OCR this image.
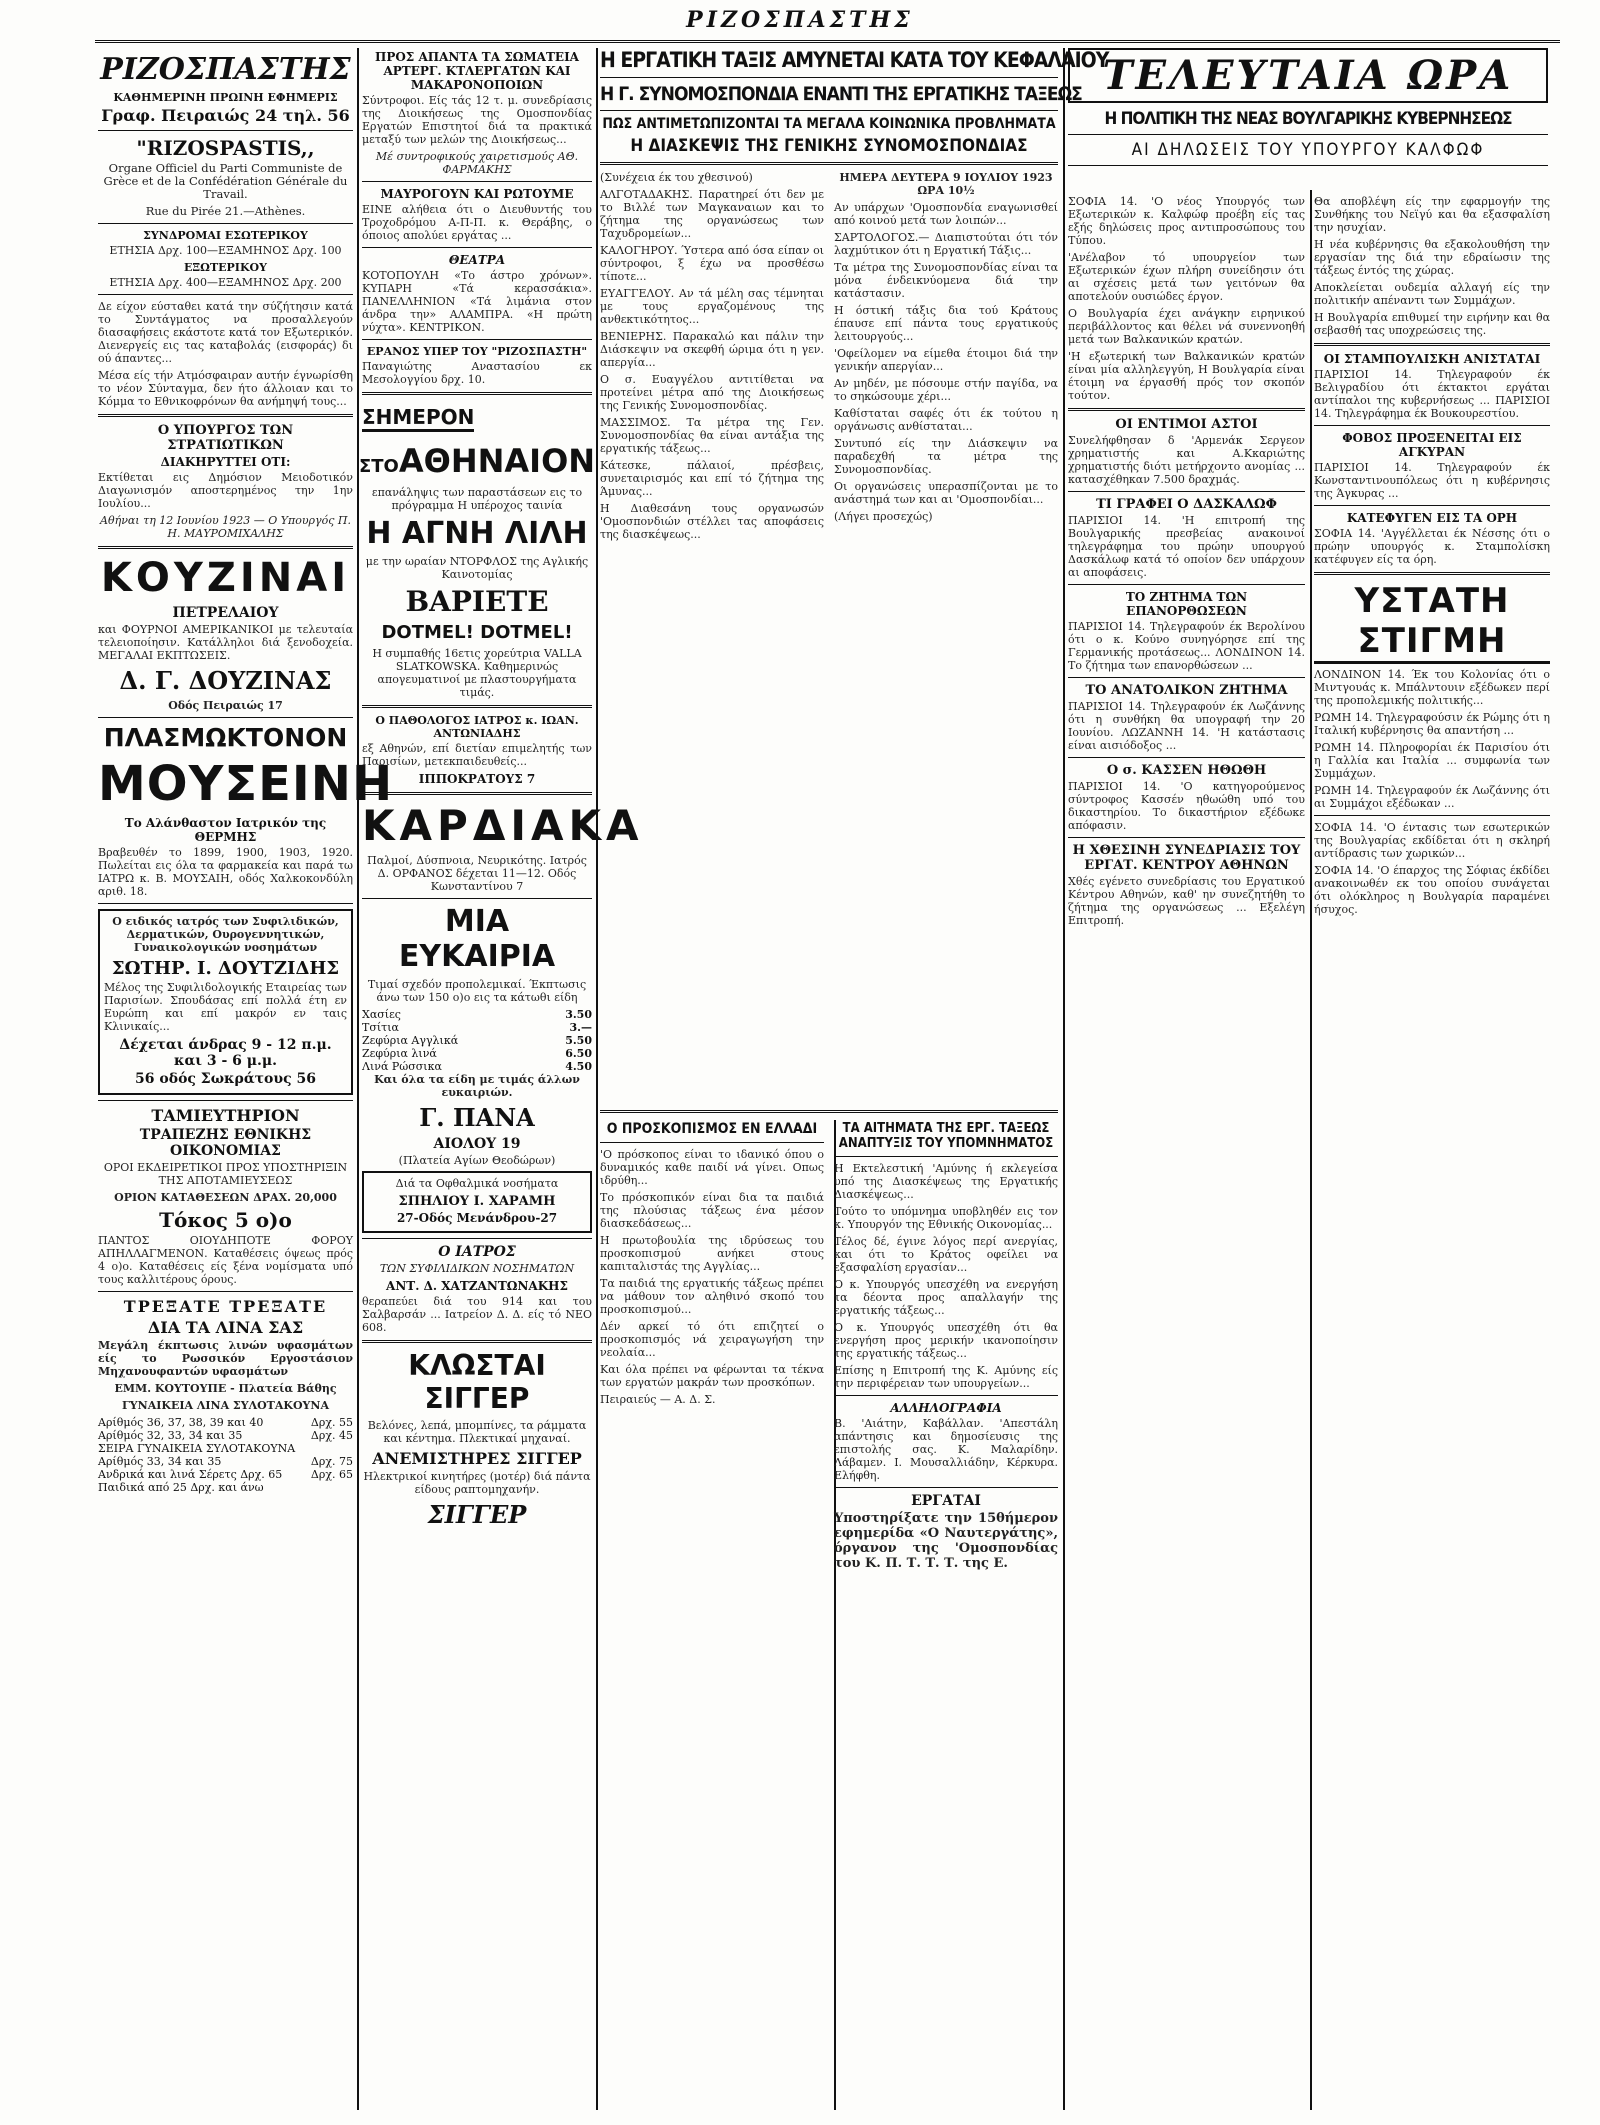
ΡΙΖΟΣΠΑΣΤΗΣ
ΡΙΖΟΣΠΑΣΤΗΣ
ΚΑΘΗΜΕΡΙΝΗ ΠΡΩΙΝΗ ΕΦΗΜΕΡΙΣ
Γραφ. Πειραιώς 24 τηλ. 56
"RIZOSPASTIS,,
Organe Officiel du Parti Communiste de Grèce et de la Confédération Générale du Travail.
Rue du Pirée 21.—Athènes.
ΣΥΝΔΡΟΜΑΙ ΕΣΩΤΕΡΙΚΟΥ
ΕΤΗΣΙΑ Δρχ. 100—ΕΞΑΜΗΝΟΣ Δρχ. 100
ΕΞΩΤΕΡΙΚΟΥ
ΕΤΗΣΙΑ Δρχ. 400—ΕΞΑΜΗΝΟΣ Δρχ. 200
Δε είχον εύσταθει κατά την σύζήτησιν κατά το Συντάγματος να προσαλλεγούν διασαφήσεις εκάστοτε κατά τον Εξωτερικόν. Διενεργείς εις τας καταβολάς (εισφοράς) δι ού άπαντες...
Μέσα είς τήν Ατμόσφαιραν αυτήν έγνωρίσθη το νέον Σύνταγμα, δεν ήτο άλλοιαν και το Κόμμα το Εθνικοφρόνων θα ανήμηψή τους...
Ο ΥΠΟΥΡΓΟΣ ΤΩΝ ΣΤΡΑΤΙΩΤΙΚΩΝ
ΔΙΑΚΗΡΥΤΤΕΙ ΟΤΙ:
Εκτίθεται εις Δημόσιον Μειοδοτικόν Διαγωνισμόν αποστερημένος την 1ην Ιουλίου...
Αθήναι τη 12 Ιουνίου 1923 — Ο Υπουργός Π. Η. ΜΑΥΡΟΜΙΧΑΛΗΣ
ΚΟΥΖΙΝΑΙ
ΠΕΤΡΕΛΑΙΟΥ
και ΦΟΥΡΝΟΙ ΑΜΕΡΙΚΑΝΙΚΟΙ με τελευταία τελειοποίησιν. Κατάλληλοι διά ξενοδοχεία. ΜΕΓΑΛΑΙ ΕΚΠΤΩΣΕΙΣ.
Δ. Γ. ΔΟΥΖΙΝΑΣ
Οδός Πειραιώς 17
ΠΛΑΣΜΩΚΤΟΝΟΝ
ΜΟΥΣΕΙΝΗ
Το Αλάνθαστον Ιατρικόν της ΘΕΡΜΗΣ
Βραβευθέν το 1899, 1900, 1903, 1920. Πωλείται εις όλα τα φαρμακεία και παρά τω ΙΑΤΡΩ κ. Β. ΜΟΥΣΑΙΗ, οδός Χαλκοκονδύλη αριθ. 18.
Ο ειδικός ιατρός των Συφιλιδικών, Δερματικών, Ουρογεννητικών, Γυναικολογικών νοσημάτων
ΣΩΤΗΡ. Ι. ΔΟΥΤΖΙΔΗΣ
Μέλος της Συφιλιδολογικής Εταιρείας των Παρισίων. Σπουδάσας επί πολλά έτη εν Ευρώπη και επί μακρόν εν ταις Κλινικαίς...
Δέχεται άνδρας 9 - 12 π.μ. και 3 - 6 μ.μ.
56 οδός Σωκράτους 56
ΤΑΜΙΕΥΤΗΡΙΟΝ
ΤΡΑΠΕΖΗΣ ΕΘΝΙΚΗΣ ΟΙΚΟΝΟΜΙΑΣ
ΟΡΟΙ ΕΚΔΕΙΡΕΤΙΚΟΙ ΠΡΟΣ ΥΠΟΣΤΗΡΙΞΙΝ ΤΗΣ ΑΠΟΤΑΜΙΕΥΣΕΩΣ
ΟΡΙΟΝ ΚΑΤΑΘΕΣΕΩΝ ΔΡΑΧ. 20,000
Τόκος 5 ο)ο
ΠΑΝΤΟΣ ΟΙΟΥΔΗΠΟΤΕ ΦΟΡΟΥ ΑΠΗΛΛΑΓΜΕΝΟΝ. Καταθέσεις όψεως πρός 4 ο)ο. Καταθέσεις είς ξένα νομίσματα υπό τους καλλιτέρους όρους.
ΤΡΕΞΑΤΕ ΤΡΕΞΑΤΕ
ΔΙΑ ΤΑ ΛΙΝΑ ΣΑΣ
Μεγάλη έκπτωσις λινών υφασμάτων είς το Ρωσσικόν Εργοστάσιον Μηχανουφαντών υφασμάτων
ΕΜΜ. ΚΟΥΤΟΥΠΕ - Πλατεία Βάθης
ΓΥΝΑΙΚΕΙΑ ΛΙΝΑ ΣΥΛΟΤΑΚΟΥΝΑ
Αρίθμός 36, 37, 38, 39 και 40	Δρχ. 55
Αρίθμός 32, 33, 34 και 35	Δρχ. 45
ΣΕΙΡΑ ΓΥΝΑΙΚΕΙΑ ΣΥΛΟΤΑΚΟΥΝΑ
Αρίθμός 33, 34 και 35	Δρχ. 75
Ανδρικά και λινά Σέρετς Δρχ. 65	Δρχ. 65
Παιδικά από 25 Δρχ. και άνω
ΠΡΟΣ ΑΠΑΝΤΑ ΤΑ ΣΩΜΑΤΕΙΑ ΑΡΤΕΡΓ. ΚΤΛΕΡΓΑΤΩΝ ΚΑΙ ΜΑΚΑΡΟΝΟΠΟΙΩΝ
Σύντροφοι. Είς τάς 12 τ. μ. συνεδρίασις της Διοικήσεως της Ομοσπονδίας Εργατών Επιστητοί διά τα πρακτικά μεταξύ των μελών της Διοικήσεως...
Μέ συντροφικούς χαιρετισμούς ΑΘ. ΦΑΡΜΑΚΗΣ
ΜΑΥΡΟΓΟΥΝ ΚΑΙ ΡΩΤΟΥΜΕ
ΕΙΝΕ αλήθεια ότι ο Διευθυντής του Τροχοδρόμου Α-Π-Π. κ. Θεράβης, ο όποιος απολύει εργάτας ...
ΘΕΑΤΡΑ
ΚΟΤΟΠΟΥΛΗ «Το άστρο χρόνων». ΚΥΠΑΡΗ «Τά κερασσάκια». ΠΑΝΕΛΛΗΝΙΟΝ «Τά λιμάνια στον άνδρα την» ΑΛΑΜΠΡΑ. «Η πρώτη νύχτα». ΚΕΝΤΡΙΚΟΝ.
ΕΡΑΝΟΣ ΥΠΕΡ ΤΟΥ "ΡΙΖΟΣΠΑΣΤΗ"
Παναγιώτης Αναστασίου εκ Μεσολογγίου δρχ. 10.
ΣΗΜΕΡΟΝ
ΣΤΟ ΑΘΗΝΑΙΟΝ
επανάληψις των παραστάσεων εις το πρόγραμμα Η υπέροχος ταινία
Η ΑΓΝΗ ΛΙΛΗ
με την ωραίαν ΝΤΟΡΦΛΟΣ της Αγλικής Καινοτομίας
ΒΑΡΙΕΤΕ
DOTMEL! DOTMEL!
Η συμπαθής 16ετις χορεύτρια VALLA SLATKOWSKA. Καθημερινώς απογευματινοί με πλαστουργήματα τιμάς.
Ο ΠΑΘΟΛΟΓΟΣ ΙΑΤΡΟΣ κ. ΙΩΑΝ. ΑΝΤΩΝΙΑΔΗΣ
εξ Αθηνών, επί διετίαν επιμελητής των Παρισίων, μετεκπαιδευθείς...
ΙΠΠΟΚΡΑΤΟΥΣ 7
ΚΑΡΔΙΑΚΑ
Παλμοί, Δύσπνοια, Νευρικότης. Ιατρός Δ. ΟΡΦΑΝΟΣ δέχεται 11—12. Οδός Κωνσταντίνου 7
ΜΙΑ ΕΥΚΑΙΡΙΑ
Τιμαί σχεδόν προπολεμικαί. Έκπτωσις άνω των 150 ο)ο εις τα κάτωθι είδη
Χασίες	3.50
Τσίτια	3.—
Ζεφύρια Αγγλικά	5.50
Ζεφύρια λινά	6.50
Λινά Ρώσσικα	4.50
Και όλα τα είδη με τιμάς άλλων ευκαιριών.
Γ. ΠΑΝΑ
ΑΙΟΛΟΥ 19
(Πλατεία Αγίων Θεοδώρων)
Διά τα Οφθαλμικά νοσήματα
ΣΠΗΛΙΟΥ Ι. ΧΑΡΑΜΗ
27-Οδός Μενάνδρου-27
Ο ΙΑΤΡΟΣ
ΤΩΝ ΣΥΦΙΛΙΔΙΚΩΝ ΝΟΣΗΜΑΤΩΝ
ΑΝΤ. Δ. ΧΑΤΖΑΝΤΩΝΑΚΗΣ
θεραπεύει διά του 914 και του Σαλβαρσάν ... Ιατρείον Δ. Δ. είς τό ΝΕΟ 608.
ΚΛΩΣΤΑΙ ΣΙΓΓΕΡ
Βελόνες, λεπά, μπομπίνες, τα ράμματα και κέντημα. Πλεκτικαί μηχαναί.
ΑΝΕΜΙΣΤΗΡΕΣ ΣΙΓΓΕΡ
Ηλεκτρικοί κινητήρες (μοτέρ) διά πάντα είδους ραπτομηχανήν.
ΣΙΓΓΕΡ
Η ΕΡΓΑΤΙΚΗ ΤΑΞΙΣ ΑΜΥΝΕΤΑΙ ΚΑΤΑ ΤΟΥ ΚΕΦΑΛΑΙΟΥ
Η Γ. ΣΥΝΟΜΟΣΠΟΝΔΙΑ ΕΝΑΝΤΙ ΤΗΣ ΕΡΓΑΤΙΚΗΣ ΤΑΞΕΩΣ
ΠΩΣ ΑΝΤΙΜΕΤΩΠΙΖΟΝΤΑΙ ΤΑ ΜΕΓΑΛΑ ΚΟΙΝΩΝΙΚΑ ΠΡΟΒΛΗΜΑΤΑ
Η ΔΙΑΣΚΕΨΙΣ ΤΗΣ ΓΕΝΙΚΗΣ ΣΥΝΟΜΟΣΠΟΝΔΙΑΣ
(Συνέχεια έκ του χθεσινού)
ΑΛΓΟΤΑΔΑΚΗΣ. Παρατηρεί ότι δεν με το Βιλλέ των Μαγκαναιων και το ζήτημα της οργανώσεως των Ταχυδρομείων...
ΚΑΛΟΓΗΡΟΥ. Ύστερα από όσα είπαν οι σύντροφοι, ξ έχω να προσθέσω τίποτε...
ΕΥΑΓΓΕΛΟΥ. Αν τά μέλη σας τέμνηται με τους εργαζομένους της ανθεκτικότητος...
ΒΕΝΙΕΡΗΣ. Παρακαλώ και πάλιν την Διάσκεψιν να σκεφθή ώριμα ότι η γεν. απεργία...
Ο σ. Ευαγγέλου αντιτίθεται να προτείνει μέτρα από της Διοικήσεως της Γενικής Συνομοσπονδίας.
ΜΑΣΣΙΜΟΣ. Τα μέτρα της Γεν. Συνομοσπονδίας θα είναι αντάξια της εργατικής τάξεως...
Κάτεσκε, πάλαιοί, πρέσβεις, συνεταιρισμός και επί τό ζήτημα της Άμυνας...
Η Διαθεσάνη τους οργανωσών 'Ομοσπονδιών στέλλει τας αποφάσεις της διασκέψεως...
ΗΜΕΡΑ ΔΕΥΤΕΡΑ 9 ΙΟΥΛΙΟΥ 1923 ΩΡΑ 10½
Αν υπάρχων 'Ομοσπονδία εναγωνισθεί από κοινού μετά των λοιπών...
ΣΑΡΤΟΛΟΓΟΣ.— Διαπιστούται ότι τόν λαχμύτικον ότι η Εργατική Τάξις...
Τα μέτρα της Συνομοσπονδίας είναι τα μόνα ένδεικνύομενα διά την κατάστασιν.
Η όστική τάξις δια τού Κράτους έπαυσε επί πάντα τους εργατικούς λειτουργούς...
'Οφείλομεν να είμεθα έτοιμοι διά την γενικήν απεργίαν...
Αν μηδέν, με πόσουμε στήν παγίδα, να το σηκώσουμε χέρι...
Καθίσταται σαφές ότι έκ τούτου η οργάνωσις ανθίσταται...
Συντυπό είς την Διάσκεψιν να παραδεχθή τα μέτρα της Συνομοσπονδίας.
Οι οργανώσεις υπερασπίζονται με το ανάστημά των και αι 'Ομοσπονδίαι...
(Λήγει προσεχώς)
Ο ΠΡΟΣΚΟΠΙΣΜΟΣ ΕΝ ΕΛΛΑΔΙ
'Ο πρόσκοπος είναι το ιδανικό όπου ο δυναμικός καθε παιδί νά γίνει. Οπως ιδρύθη...
Το πρόσκοπικόν είναι δια τα παιδιά της πλούσιας τάξεως ένα μέσον διασκεδάσεως...
Η πρωτοβουλία της ιδρύσεως του προσκοπισμού ανήκει στους καπιταλιστάς της Αγγλίας...
Τα παιδιά της εργατικής τάξεως πρέπει να μάθουν τον αληθινό σκοπό του προσκοπισμού...
Δέν αρκεί τό ότι επιζητεί ο προσκοπισμός νά χειραγωγήση την νεολαία...
Και όλα πρέπει να φέρωνται τα τέκνα των εργατών μακράν των προσκόπων.
Πειραιεύς — Α. Δ. Σ.
ΤΑ ΑΙΤΗΜΑΤΑ ΤΗΣ ΕΡΓ. ΤΑΞΕΩΣ
ΑΝΑΠΤΥΞΙΣ ΤΟΥ ΥΠΟΜΝΗΜΑΤΟΣ
Η Εκτελεστική 'Αμύνης ή εκλεγείσα υπό της Διασκέψεως της Εργατικής Διασκέψεως...
Τούτο το υπόμνημα υποβληθέν εις τον κ. Υπουργόν της Εθνικής Οικονομίας...
Τέλος δέ, έγινε λόγος περί ανεργίας, και ότι το Κράτος οφείλει να εξασφαλίση εργασίαν...
Ο κ. Υπουργός υπεσχέθη να ενεργήση τα δέοντα προς απαλλαγήν της εργατικής τάξεως...
Ο κ. Υπουργός υπεσχέθη ότι θα ενεργήση προς μερικήν ικανοποίησιν της εργατικής τάξεως...
Επίσης η Επιτροπή της Κ. Αμύνης είς την περιφέρειαν των υπουργείων...
ΑΛΛΗΛΟΓΡΑΦΙΑ
Β. 'Αιάτην, Καβάλλαν. 'Απεστάλη απάντησις και δημοσίευσις της επιστολής σας. Κ. Μαλαρίδην. Λάβαμεν. Ι. Μουσαλλιάδην, Κέρκυρα. Ελήφθη.
ΕΡΓΑΤΑΙ
Υποστηρίξατε την 15θήμερον εφημερίδα «Ο Ναυτεργάτης», όργανον της 'Ομοσπονδίας του Κ. Π. Τ. Τ. Τ. της Ε.
ΤΕΛΕΥΤΑΙΑ ΩΡΑ
Η ΠΟΛΙΤΙΚΗ ΤΗΣ ΝΕΑΣ ΒΟΥΛΓΑΡΙΚΗΣ ΚΥΒΕΡΝΗΣΕΩΣ
ΑΙ ΔΗΛΩΣΕΙΣ ΤΟΥ ΥΠΟΥΡΓΟΥ ΚΑΛΦΩΦ
ΣΟΦΙΑ 14. 'Ο νέος Υπουργός των Εξωτερικών κ. Καλφώφ προέβη είς τας εξής δηλώσεις προς αντιπροσώπους του Τύπου.
'Ανέλαβον τό υπουργείον των Εξωτερικών έχων πλήρη συνείδησιν ότι αι σχέσεις μετά των γειτόνων θα αποτελούν ουσιώδες έργον.
Ο Βουλγαρία έχει ανάγκην ειρηνικού περιβάλλοντος και θέλει νά συνεννοηθή μετά των Βαλκανικών κρατών.
'Η εξωτερική των Βαλκανικών κρατών είναι μία αλληλεγγύη, Η Βουλγαρία είναι έτοιμη να έργασθή πρός τον σκοπόν τούτον.
ΟΙ ΕΝΤΙΜΟΙ ΑΣΤΟΙ
Συνελήφθησαν δ 'Αρμενάκ Σεργεον χρηματιστής και Α.Κκαριώτης χρηματιστής διότι μετήρχοντο ανομίας ... κατασχέθηκαν 7.500 δραχμάς.
ΤΙ ΓΡΑΦΕΙ Ο ΔΑΣΚΑΛΩΦ
ΠΑΡΙΣΙΟΙ 14. 'Η επιτροπή της Βουλγαρικής πρεσβείας ανακοινοί τηλεγράφημα του πρώην υπουργού Δασκάλωφ κατά τό οποίον δεν υπάρχουν αι αποφάσεις.
ΤΟ ΖΗΤΗΜΑ ΤΩΝ ΕΠΑΝΟΡΘΩΣΕΩΝ
ΠΑΡΙΣΙΟΙ 14. Τηλεγραφούν έκ Βερολίνου ότι ο κ. Κούνο συνηγόρησε επί της Γερμανικής προτάσεως... ΛΟΝΔΙΝΟΝ 14. Το ζήτημα των επανορθώσεων ...
ΤΟ ΑΝΑΤΟΛΙΚΟΝ ΖΗΤΗΜΑ
ΠΑΡΙΣΙΟΙ 14. Τηλεγραφούν έκ Λωζάννης ότι η συνθήκη θα υπογραφή την 20 Ιουνίου. ΛΩΖΑΝΝΗ 14. 'Η κατάστασις είναι αισιόδοξος ...
Ο σ. ΚΑΣΣΕΝ ΗΘΩΘΗ
ΠΑΡΙΣΙΟΙ 14. 'Ο κατηγορούμενος σύντροφος Κασσέν ηθωώθη υπό του δικαστηρίου. Το δικαστήριον εξέδωκε απόφασιν.
Η ΧΘΕΣΙΝΗ ΣΥΝΕΔΡΙΑΣΙΣ ΤΟΥ ΕΡΓΑΤ. ΚΕΝΤΡΟΥ ΑΘΗΝΩΝ
Χθές εγένετο συνεδρίασις του Εργατικού Κέντρου Αθηνών, καθ' ην συνεζητήθη το ζήτημα της οργανώσεως ... Εξελέγη Επιτροπή.
Θα αποβλέψη είς την εφαρμογήν της Συνθήκης του Νεϊγύ και θα εξασφαλίση την ησυχίαν.
Η νέα κυβέρνησις θα εξακολουθήση την εργασίαν της διά την εδραίωσιν της τάξεως έντός της χώρας.
Αποκλείεται ουδεμία αλλαγή είς την πολιτικήν απέναντι των Συμμάχων.
Η Βουλγαρία επιθυμεί την ειρήνην και θα σεβασθή τας υποχρεώσεις της.
ΟΙ ΣΤΑΜΠΟΥΛΙΣΚΗ ΑΝΙΣΤΑΤΑΙ
ΠΑΡΙΣΙΟΙ 14. Τηλεγραφούν έκ Βελιγραδίου ότι έκτακτοι εργάται αντίπαλοι της κυβερνήσεως ... ΠΑΡΙΣΙΟΙ 14. Τηλεγράφημα έκ Βουκουρεστίου.
ΦΟΒΟΣ ΠΡΟΞΕΝΕΙΤΑΙ ΕΙΣ ΑΓΚΥΡΑΝ
ΠΑΡΙΣΙΟΙ 14. Τηλεγραφούν έκ Κωνσταντινουπόλεως ότι η κυβέρνησις της Άγκυρας ...
ΚΑΤΕΦΥΓΕΝ ΕΙΣ ΤΑ ΟΡΗ
ΣΟΦΙΑ 14. 'Αγγέλλεται έκ Νέσσης ότι ο πρώην υπουργός κ. Σταμπολίσκη κατέφυγεν είς τα όρη.
ΥΣΤΑΤΗ ΣΤΙΓΜΗ
ΛΟΝΔΙΝΟΝ 14. Έκ του Κολονίας ότι ο Μιντγουάς κ. Μπάλντουιν εξέδωκεν περί της προπολεμικής πολιτικής...
ΡΩΜΗ 14. Τηλεγραφούσιν έκ Ρώμης ότι η Ιταλική κυβέρνησις θα απαντήση ...
ΡΩΜΗ 14. Πληροφορίαι έκ Παρισίου ότι η Γαλλία και Ιταλία ... συμφωνία των Συμμάχων.
ΡΩΜΗ 14. Τηλεγραφούν έκ Λωζάννης ότι αι Συμμάχοι εξέδωκαν ...
ΣΟΦΙΑ 14. 'Ο έντασις των εσωτερικών της Βουλγαρίας εκδίδεται ότι η σκληρή αντίδρασις των χωρικών...
ΣΟΦΙΑ 14. 'Ο έπαρχος της Σόφιας έκδίδει ανακοινωθέν εκ του οποίου συνάγεται ότι ολόκληρος η Βουλγαρία παραμένει ήσυχος.
